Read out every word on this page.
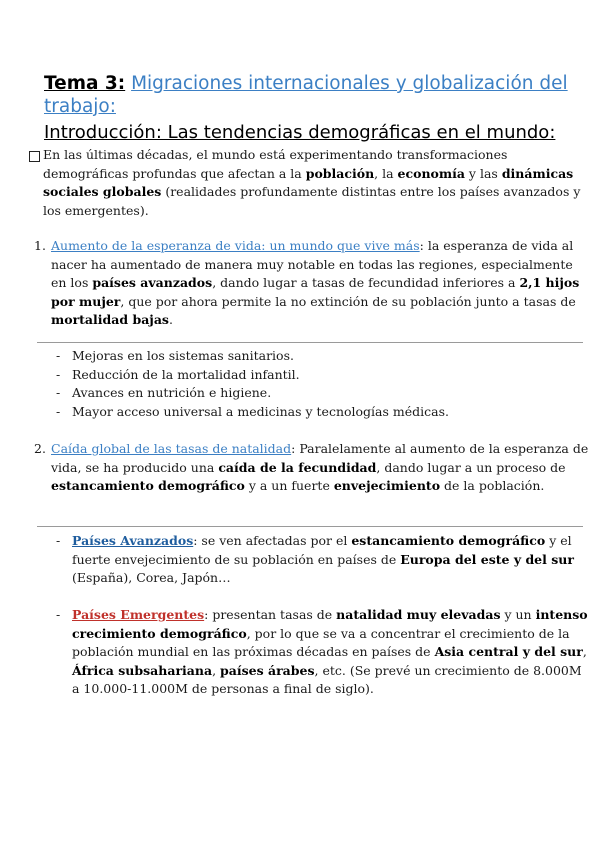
Tema 3: Migraciones internacionales y globalización del trabajo:
Introducción: Las tendencias demográficas en el mundo:
En las últimas décadas, el mundo está experimentando transformaciones demográficas profundas que afectan a la población, la economía y las dinámicas sociales globales (realidades profundamente distintas entre los países avanzados y los emergentes).
1. Aumento de la esperanza de vida: un mundo que vive más: la esperanza de vida al nacer ha aumentado de manera muy notable en todas las regiones, especialmente en los países avanzados, dando lugar a tasas de fecundidad inferiores a 2,1 hijos por mujer, que por ahora permite la no extinción de su población junto a tasas de mortalidad bajas.
- Mejoras en los sistemas sanitarios.
- Reducción de la mortalidad infantil.
- Avances en nutrición e higiene.
- Mayor acceso universal a medicinas y tecnologías médicas.
2. Caída global de las tasas de natalidad: Paralelamente al aumento de la esperanza de vida, se ha producido una caída de la fecundidad, dando lugar a un proceso de estancamiento demográfico y a un fuerte envejecimiento de la población.
- Países Avanzados: se ven afectadas por el estancamiento demográfico y el fuerte envejecimiento de su población en países de Europa del este y del sur (España), Corea, Japón…
- Países Emergentes: presentan tasas de natalidad muy elevadas y un intenso crecimiento demográfico, por lo que se va a concentrar el crecimiento de la población mundial en las próximas décadas en países de Asia central y del sur, África subsahariana, países árabes, etc. (Se prevé un crecimiento de 8.000M a 10.000-11.000M de personas a final de siglo).
